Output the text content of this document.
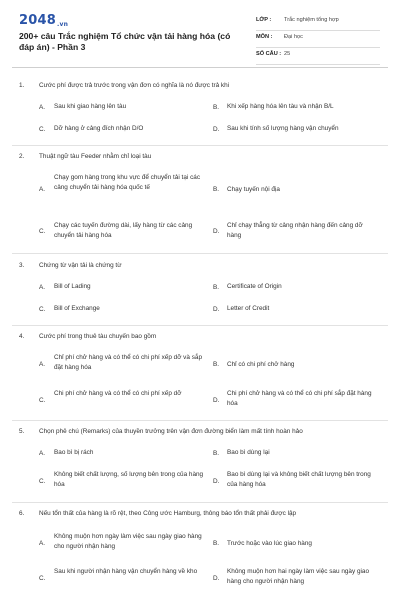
2048.vn
200+ câu Trắc nghiệm Tổ chức vận tải hàng hóa (có đáp án) - Phần 3
LỚP : Trắc nghiệm tổng hợp
MÔN : Đại học
SỐ CÂU : 25
1. Cước phí được trả trước trong vận đơn có nghĩa là nó được trả khi
A. Sau khi giao hàng lên tàu	B. Khi xếp hàng hóa lên tàu và nhận B/L
C. Dỡ hàng ở cảng đích nhận D/O	D. Sau khi tính số lượng hàng vận chuyển
2. Thuật ngữ tàu Feeder nhằm chỉ loại tàu
A.
Chạy gom hàng trong khu vực để chuyển tải tại các cảng chuyển tải hàng hóa quốc tế	B. Chạy tuyến nội địa
C.
Chạy các tuyến đường dài, lấy hàng từ các cảng chuyển tải hàng hóa
D.
Chỉ chạy thẳng từ cảng nhận hàng đến cảng dỡ hàng
3. Chứng từ vận tải là chứng từ
A. Bill of Lading	B. Certificate of Origin
C. Bill of Exchange	D. Letter of Credit
4. Cước phí trong thuê tàu chuyến bao gồm
A.
Chỉ phí chở hàng và có thể có chi phí xếp dỡ và sắp đặt hàng hóa	B. Chỉ có chi phí chở hàng
C.
Chi phí chở hàng và có thể có chi phí xếp dỡ
D.
Chi phí chở hàng và có thể có chi phí sắp đặt hàng hóa
5. Chọn phê chú (Remarks) của thuyền trưởng trên vận đơn đường biển làm mất tính hoàn hảo
A. Bao bì bị rách	B. Bao bì dùng lại
C.
Không biết chất lượng, số lượng bên trong của hàng hóa	D.
Bao bì dùng lại và không biết chất lượng bên trong của hàng hóa
6. Nếu tổn thất của hàng là rõ rệt, theo Công ước Hamburg, thông báo tổn thất phải được lập
A.
Không muộn hơn ngày làm việc sau ngày giao hàng cho người nhận hàng	B. Trước hoặc vào lúc giao hàng
C.
Sau khi người nhận hàng vận chuyển hàng về kho
D.
Không muộn hơn hai ngày làm việc sau ngày giao hàng cho người nhận hàng
